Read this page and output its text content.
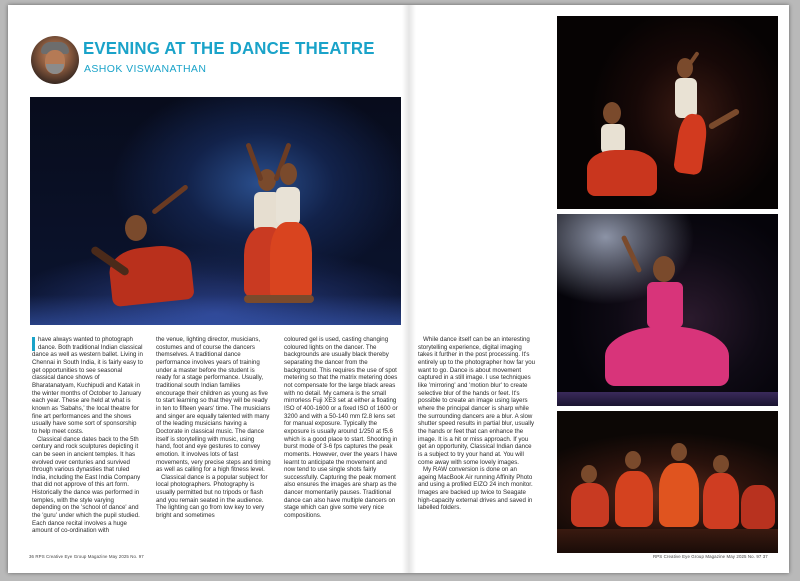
EVENING AT THE DANCE THEATRE
ASHOK VISWANATHAN

have always wanted to photograph dance. Both traditional Indian classical dance as well as western ballet. Living in Chennai in South India, it is fairly easy to get opportunities to see seasonal classical dance shows of Bharatanatyam, Kuchipudi and Katak in the winter months of October to January each year. These are held at what is known as 'Sabahs,' the local theatre for fine art performances and the shows usually have some sort of sponsorship to help meet costs.

Classical dance dates back to the 5th century and rock sculptures depicting it can be seen in ancient temples. It has evolved over centuries and survived through various dynasties that ruled India, including the East India Company that did not approve of this art form. Historically the dance was performed in temples, with the style varying depending on the 'school of dance' and the 'guru' under which the pupil studied. Each dance recital involves a huge amount of co-ordination with

the venue, lighting director, musicians, costumes and of course the dancers themselves. A traditional dance performance involves years of training under a master before the student is ready for a stage performance. Usually, traditional south Indian families encourage their children as young as five to start learning so that they will be ready in ten to fifteen years' time. The musicians and singer are equally talented with many of the leading musicians having a Doctorate in classical music. The dance itself is storytelling with music, using hand, foot and eye gestures to convey emotion. It involves lots of fast movements, very precise steps and timing as well as calling for a high fitness level.

Classical dance is a popular subject for local photographers. Photography is usually permitted but no tripods or flash and you remain seated in the audience. The lighting can go from low key to very bright and sometimes

coloured gel is used, casting changing coloured lights on the dancer. The backgrounds are usually black thereby separating the dancer from the background. This requires the use of spot metering so that the matrix metering does not compensate for the large black areas with no detail. My camera is the small mirrorless Fuji XE3 set at either a floating ISO of 400-1600 or a fixed ISO of 1600 or 3200 and with a 50-140 mm f2.8 lens set for manual exposure. Typically the exposure is usually around 1/250 at f5.6 which is a good place to start. Shooting in burst mode of 3-6 fps captures the peak moments. However, over the years I have learnt to anticipate the movement and now tend to use single shots fairly successfully. Capturing the peak moment also ensures the images are sharp as the dancer momentarily pauses. Traditional dance can also have multiple dancers on stage which can give some very nice compositions.

While dance itself can be an interesting storytelling experience, digital imaging takes it further in the post processing. It's entirely up to the photographer how far you want to go. Dance is about movement captured in a still image. I use techniques like 'mirroring' and 'motion blur' to create selective blur of the hands or feet. It's possible to create an image using layers where the principal dancer is sharp while the surrounding dancers are a blur. A slow shutter speed results in partial blur, usually the hands or feet that can enhance the image. It is a hit or miss approach. If you get an opportunity, Classical Indian dance is a subject to try your hand at. You will come away with some lovely images.

My RAW conversion is done on an ageing MacBook Air running Affinity Photo and using a profiled EIZO 24 inch monitor. Images are backed up twice to Seagate high-capacity external drives and saved in labelled folders.

36 RPS Creative Eye Group Magazine May 2025 No. 97	RPS Creative Eye Group Magazine May 2025 No. 97 37
